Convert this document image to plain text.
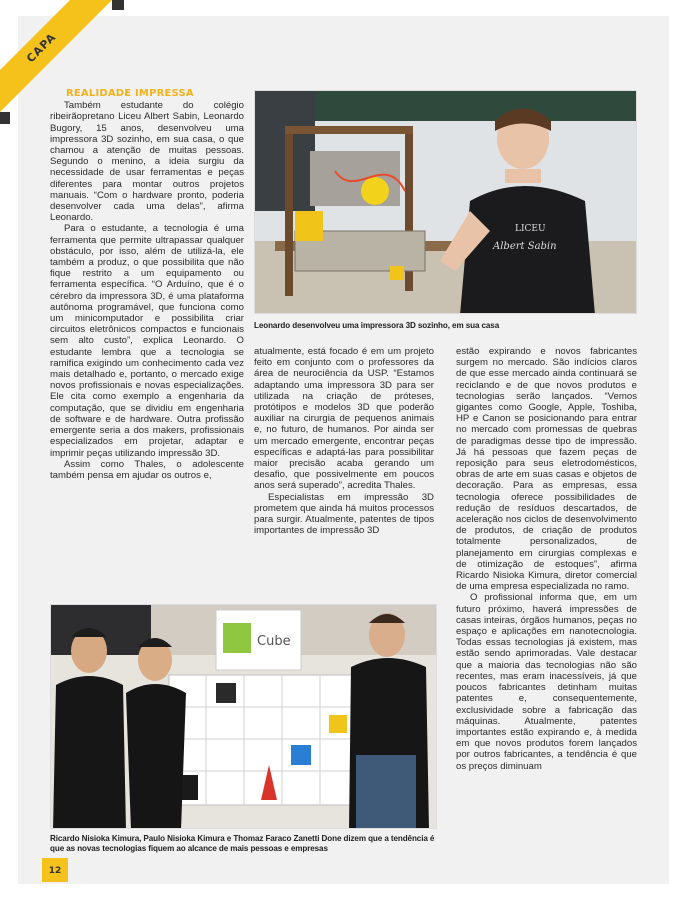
CAPA
REALIDADE IMPRESSA

Também estudante do colégio ribeirãopretano Liceu Albert Sabin, Leonardo Bugory, 15 anos, desenvolveu uma impressora 3D sozinho, em sua casa, o que chamou a atenção de muitas pessoas. Segundo o menino, a ideia surgiu da necessidade de usar ferramentas e peças diferentes para montar outros projetos manuais. “Com o hardware pronto, poderia desenvolver cada uma delas”, afirma Leonardo.

Para o estudante, a tecnologia é uma ferramenta que permite ultrapassar qualquer obstáculo, por isso, além de utilizá-la, ele também a produz, o que possibilita que não fique restrito a um equipamento ou ferramenta específica. “O Arduíno, que é o cérebro da impressora 3D, é uma plataforma autônoma programável, que funciona como um minicomputador e possibilita criar circuitos eletrônicos compactos e funcionais sem alto custo”, explica Leonardo. O estudante lembra que a tecnologia se ramifica exigindo um conhecimento cada vez mais detalhado e, portanto, o mercado exige novos profissionais e novas especializações. Ele cita como exemplo a engenharia da computação, que se dividiu em engenharia de software e de hardware. Outra profissão emergente seria a dos makers, profissionais especializados em projetar, adaptar e imprimir peças utilizando impressão 3D.

Assim como Thales, o adolescente também pensa em ajudar os outros e,

LICEU
Albert Sabin
Leonardo desenvolveu uma impressora 3D sozinho, em sua casa

atualmente, está focado é em um projeto feito em conjunto com o professores da área de neurociência da USP. “Estamos adaptando uma impressora 3D para ser utilizada na criação de próteses, protótipos e modelos 3D que poderão auxiliar na cirurgia de pequenos animais e, no futuro, de humanos. Por ainda ser um mercado emergente, encontrar peças específicas e adaptá-las para possibilitar maior precisão acaba gerando um desafio, que possivelmente em poucos anos será superado”, acredita Thales.

Especialistas em impressão 3D prometem que ainda há muitos processos para surgir. Atualmente, patentes de tipos importantes de impressão 3D

estão expirando e novos fabricantes surgem no mercado. São indícios claros de que esse mercado ainda continuará se reciclando e de que novos produtos e tecnologias serão lançados. “Vemos gigantes como Google, Apple, Toshiba, HP e Canon se posicionando para entrar no mercado com promessas de quebras de paradigmas desse tipo de impressão. Já há pessoas que fazem peças de reposição para seus eletrodomésticos, obras de arte em suas casas e objetos de decoração. Para as empresas, essa tecnologia oferece possibilidades de redução de resíduos descartados, de aceleração nos ciclos de desenvolvimento de produtos, de criação de produtos totalmente personalizados, de planejamento em cirurgias complexas e de otimização de estoques”, afirma Ricardo Nisioka Kimura, diretor comercial de uma empresa especializada no ramo.

O profissional informa que, em um futuro próximo, haverá impressões de casas inteiras, órgãos humanos, peças no espaço e aplicações em nanotecnologia. Todas essas tecnologias já existem, mas estão sendo aprimoradas. Vale destacar que a maioria das tecnologias não são recentes, mas eram inacessíveis, já que poucos fabricantes detinham muitas patentes e, consequentemente, exclusividade sobre a fabricação das máquinas. Atualmente, patentes importantes estão expirando e, à medida em que novos produtos forem lançados por outros fabricantes, a tendência é que os preços diminuam

Cube
Ricardo Nisioka Kimura, Paulo Nisioka Kimura e Thomaz Faraco Zanetti Done dizem que a tendência é que as novas tecnologias fiquem ao alcance de mais pessoas e empresas
12
